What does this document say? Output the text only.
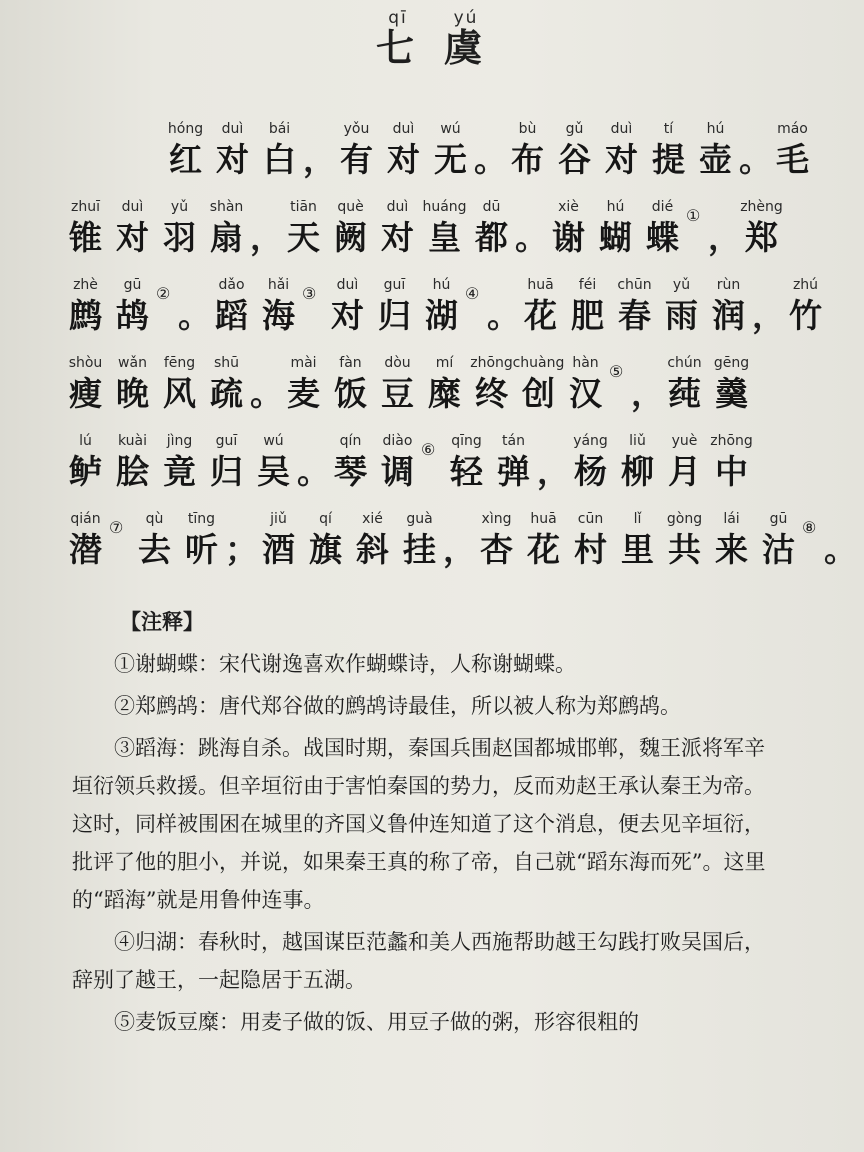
qī	yú
七 虞
hóng
红
duì
对
bái
白 ，
yǒu
有
duì
对
wú
无 。
bù
布
gǔ
谷
duì
对
tí
提
hú
壶 。
máo
毛
zhuī
锥
duì
对
yǔ
羽
shàn
扇 ，
tiān
天
què
阙
duì
对
huáng
皇
dū
都 。
xiè
谢
hú
蝴
dié
蝶
①
，
zhèng
郑
zhè
鹧
gū
鸪
②
。
dǎo
蹈
hǎi
海
③	duì
对
guī
归
hú
湖
④
。
huā
花
féi
肥
chūn
春
yǔ
雨
rùn
润 ，
zhú
竹
shòu
瘦
wǎn
晚
fēng
风
shū
疏 。
mài
麦
fàn
饭
dòu
豆
mí
糜
zhōng
终
chuàng
创
hàn
汉
⑤
，
chún
莼
gēng
羹
lú
鲈
kuài
脍
jìng
竟
guī
归
wú
吴 。
qín
琴
diào
调
⑥	qīng
轻
tán
弹 ，
yáng
杨
liǔ
柳
yuè
月
zhōng
中
qián
潜
⑦	qù
去
tīng
听 ；
jiǔ
酒
qí
旗
xié
斜
guà
挂 ，
xìng
杏
huā
花
cūn
村
lǐ
里
gòng
共
lái
来
gū
沽
⑧
。
【注释】

①谢蝴蝶：宋代谢逸喜欢作蝴蝶诗，人称谢蝴蝶。

②郑鹧鸪：唐代郑谷做的鹧鸪诗最佳，所以被人称为郑鹧鸪。

③蹈海：跳海自杀。战国时期，秦国兵围赵国都城邯郸，魏王派将军辛垣衍领兵救援。但辛垣衍由于害怕秦国的势力，反而劝赵王承认秦王为帝。这时，同样被围困在城里的齐国义鲁仲连知道了这个消息，便去见辛垣衍，批评了他的胆小，并说，如果秦王真的称了帝，自己就“蹈东海而死”。这里的“蹈海”就是用鲁仲连事。

④归湖：春秋时，越国谋臣范蠡和美人西施帮助越王勾践打败吴国后，辞别了越王，一起隐居于五湖。

⑤麦饭豆糜：用麦子做的饭、用豆子做的粥，形容很粗的
